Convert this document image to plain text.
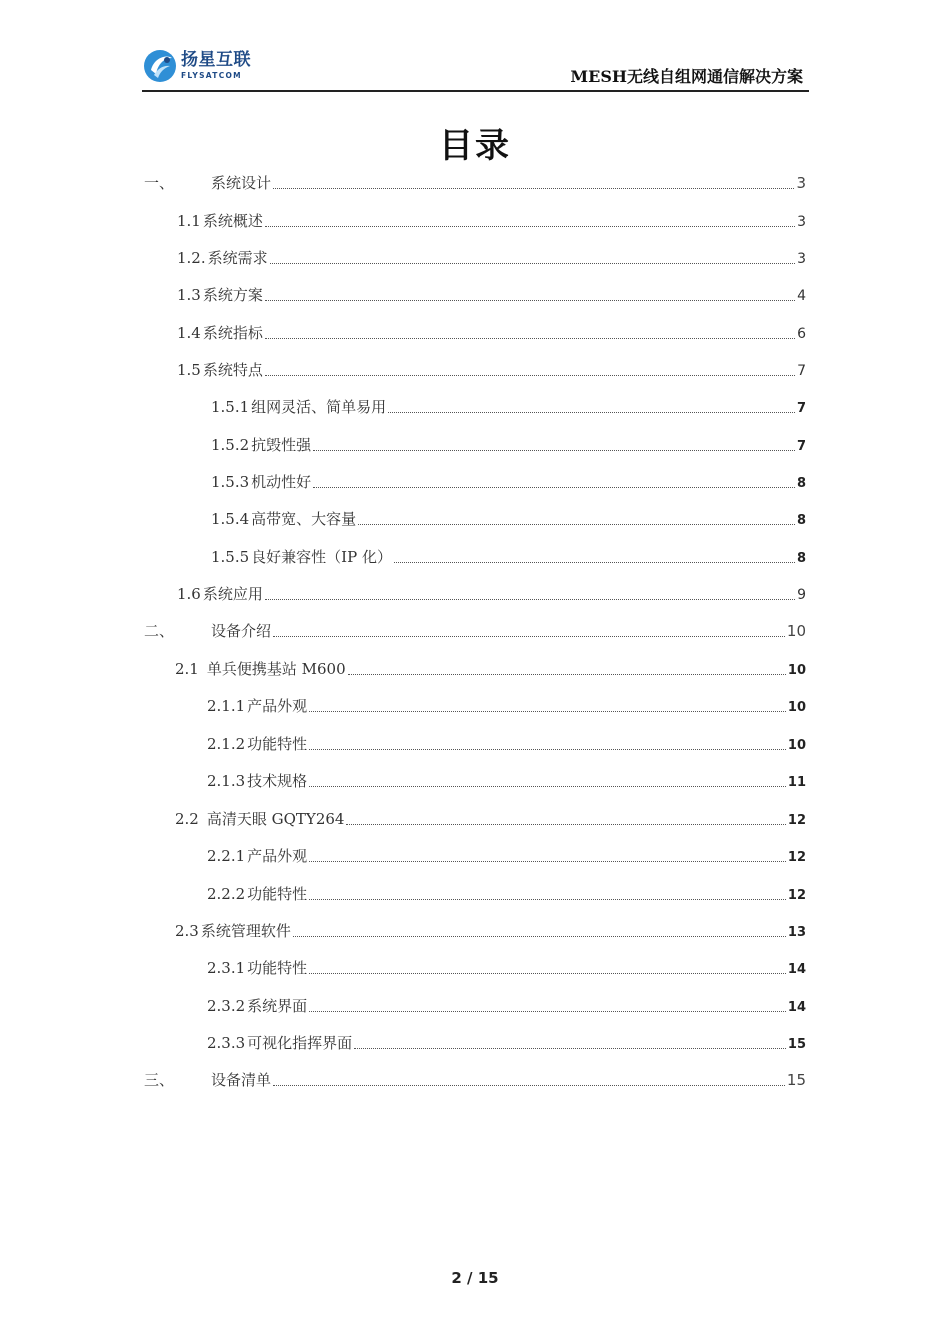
扬星互联
FLYSATCOM	MESH无线自组网通信解决方案
目录
一、	系统设计	3
1.1 系统概述	3
1.2. 系统需求	3
1.3 系统方案	4
1.4 系统指标	6
1.5 系统特点	7
1.5.1 组网灵活、简单易用	7
1.5.2 抗毁性强	7
1.5.3 机动性好	8
1.5.4 高带宽、大容量	8
1.5.5 良好兼容性（IP 化）	8
1.6 系统应用	9
二、	设备介绍	10
2.1 单兵便携基站 M600	10
2.1.1 产品外观	10
2.1.2 功能特性	10
2.1.3 技术规格	11
2.2 高清天眼 GQTY264	12
2.2.1 产品外观	12
2.2.2 功能特性	12
2.3 系统管理软件	13
2.3.1 功能特性	14
2.3.2 系统界面	14
2.3.3 可视化指挥界面	15
三、	设备清单	15
2 / 15
